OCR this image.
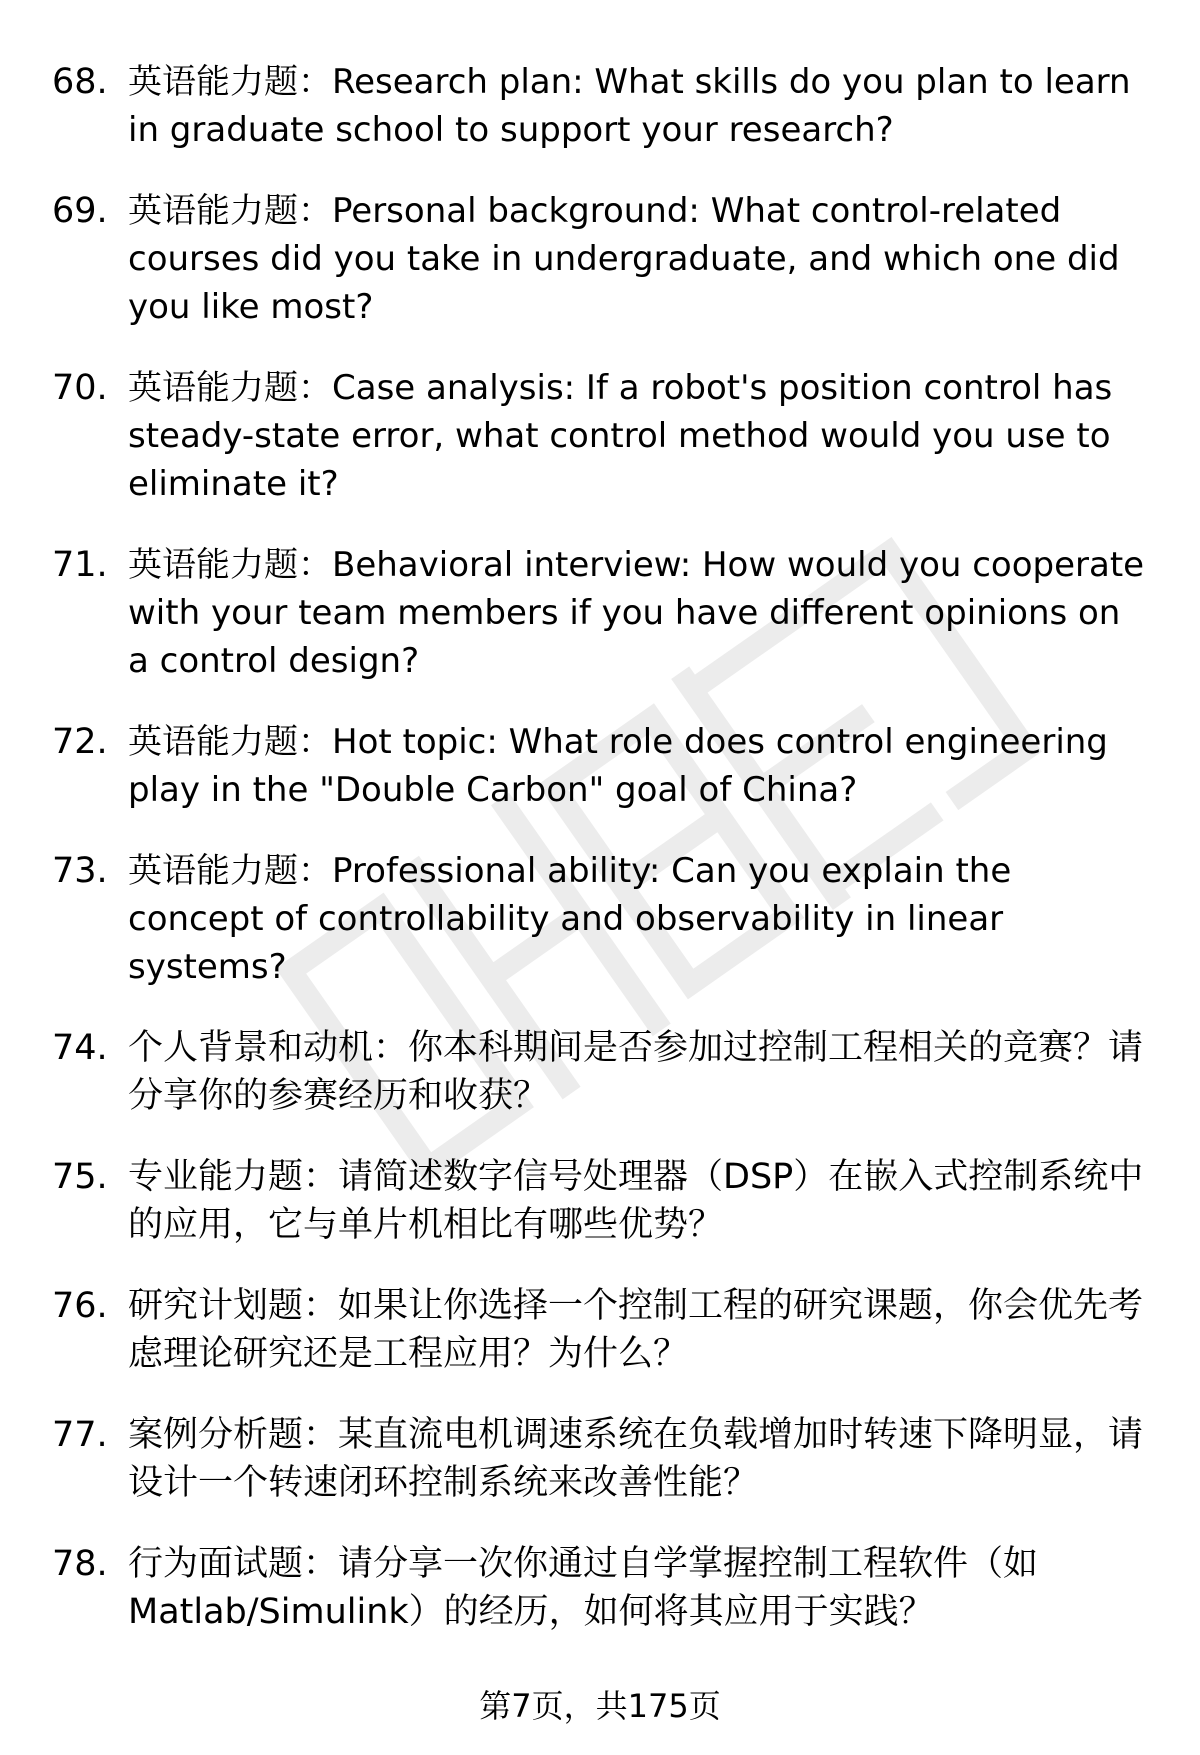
68. 英语能力题：Research plan: What skills do you plan to learn in graduate school to support your research?
69. 英语能力题：Personal background: What control-related courses did you take in undergraduate, and which one did you like most?
70. 英语能力题：Case analysis: If a robot's position control has steady-state error, what control method would you use to eliminate it?
71. 英语能力题：Behavioral interview: How would you cooperate with your team members if you have different opinions on a control design?
72. 英语能力题：Hot topic: What role does control engineering play in the "Double Carbon" goal of China?
73. 英语能力题：Professional ability: Can you explain the concept of controllability and observability in linear systems?
74. 个人背景和动机：你本科期间是否参加过控制工程相关的竞赛？请分享你的参赛经历和收获？
75. 专业能力题：请简述数字信号处理器（DSP）在嵌入式控制系统中的应用，它与单片机相比有哪些优势？
76. 研究计划题：如果让你选择一个控制工程的研究课题，你会优先考虑理论研究还是工程应用？为什么？
77. 案例分析题：某直流电机调速系统在负载增加时转速下降明显，请设计一个转速闭环控制系统来改善性能？
78. 行为面试题：请分享一次你通过自学掌握控制工程软件（如Matlab/Simulink）的经历，如何将其应用于实践？
第7页，共175页
